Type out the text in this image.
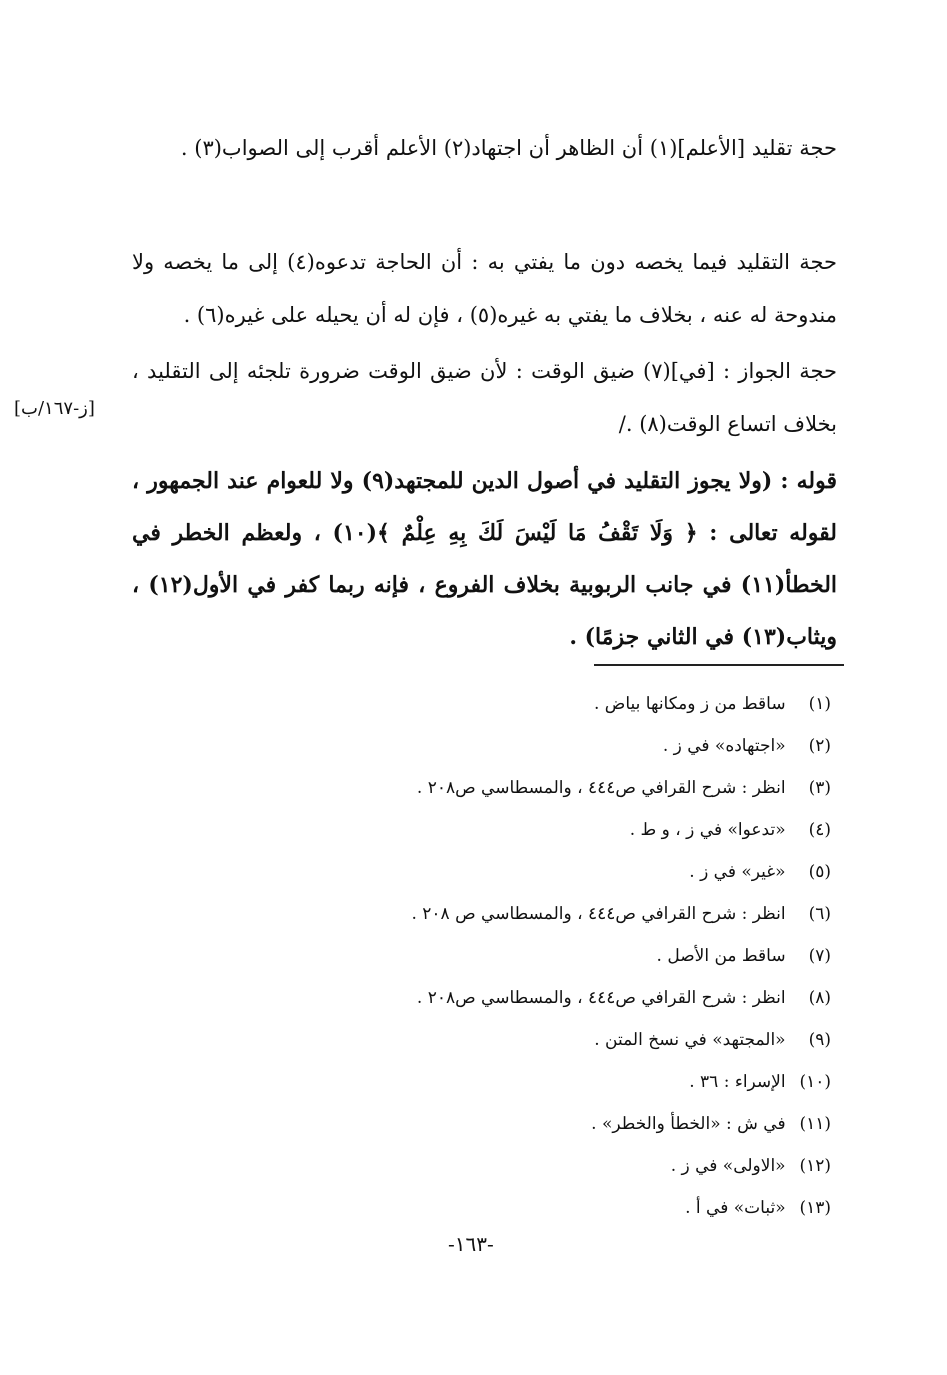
حجة تقليد [الأعلم](١) أن الظاهر أن اجتهاد(٢) الأعلم أقرب إلى الصواب(٣) .

حجة التقليد فيما يخصه دون ما يفتي به : أن الحاجة تدعوه(٤) إلى ما يخصه ولا مندوحة له عنه ، بخلاف ما يفتي به غيره(٥) ، فإن له أن يحيله على غيره(٦) .

حجة الجواز : [في](٧) ضيق الوقت : لأن ضيق الوقت ضرورة تلجئه إلى التقليد ، بخلاف اتساع الوقت(٨) ./

[ز-١٦٧/ب]

قوله : (ولا يجوز التقليد في أصول الدين للمجتهد(٩) ولا للعوام عند الجمهور ، لقوله تعالى : ﴿ وَلَا تَقْفُ مَا لَيْسَ لَكَ بِهِ عِلْمٌ ﴾(١٠) ، ولعظم الخطر في الخطأ(١١) في جانب الربوبية بخلاف الفروع ، فإنه ربما كفر في الأول(١٢) ، ويثاب(١٣) في الثاني جزمًا) .

(١) ساقط من ز ومكانها بياض .
(٢) «اجتهاده» في ز .
(٣) انظر : شرح القرافي ص٤٤٤ ، والمسطاسي ص٢٠٨ .
(٤) «تدعوا» في ز ، و ط .
(٥) «غير» في ز .
(٦) انظر : شرح القرافي ص٤٤٤ ، والمسطاسي ص ٢٠٨ .
(٧) ساقط من الأصل .
(٨) انظر : شرح القرافي ص٤٤٤ ، والمسطاسي ص٢٠٨ .
(٩) «المجتهد» في نسخ المتن .
(١٠) الإسراء : ٣٦ .
(١١) في ش : «الخطأ والخطر» .
(١٢) «الاولى» في ز .
(١٣) «ثبات» في أ .
-١٦٣-
